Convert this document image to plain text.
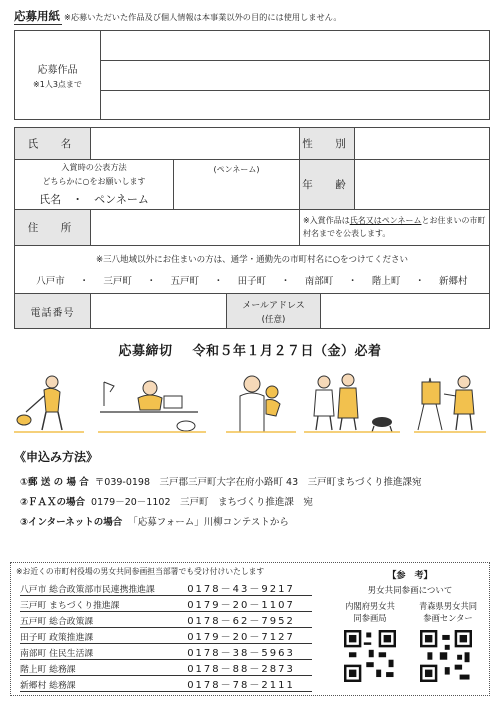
応募用紙 ※応募いただいた作品及び個人情報は本事業以外の目的には使用しません。
応募作品
※1人3点まで
氏　名	性　別
入賞時の公表方法
どちらかに○をお願いします
氏名　・　ペンネーム
(ペンネーム)
年　齢
住　所
※入賞作品は氏名又はペンネームとお住まいの市町村名までを公表します。
※三八地域以外にお住まいの方は、通学・通勤先の市町村名に○をつけてください
八戸市 ・ 三戸町 ・ 五戸町 ・ 田子町 ・ 南部町 ・ 階上町 ・ 新郷村
電話番号
メールアドレス
(任意)
応募締切 令和５年１月２７日（金）必着
《申込み方法》
①郵 送 の 場 合 〒039-0198　三戸郡三戸町大字在府小路町 43　三戸町まちづくり推進課宛
②ＦＡＸの場合 0179－20－1102　三戸町　まちづくり推進課　宛
③インターネットの場合 「応募フォーム」川柳コンテストから
※お近くの市町村役場の男女共同参画担当部署でも受け付けいたします
八戸市 総合政策部市民連携推進課	0178－43－9217
三戸町 まちづくり推進課	0179－20－1107
五戸町 総合政策課	0178－62－7952
田子町 政策推進課	0179－20－7127
南部町 住民生活課	0178－38－5963
階上町 総務課	0178－88－2873
新郷村 総務課	0178－78－2111
【参　考】
男女共同参画について
内閣府男女共
同参画局
青森県男女共同
参画センター
